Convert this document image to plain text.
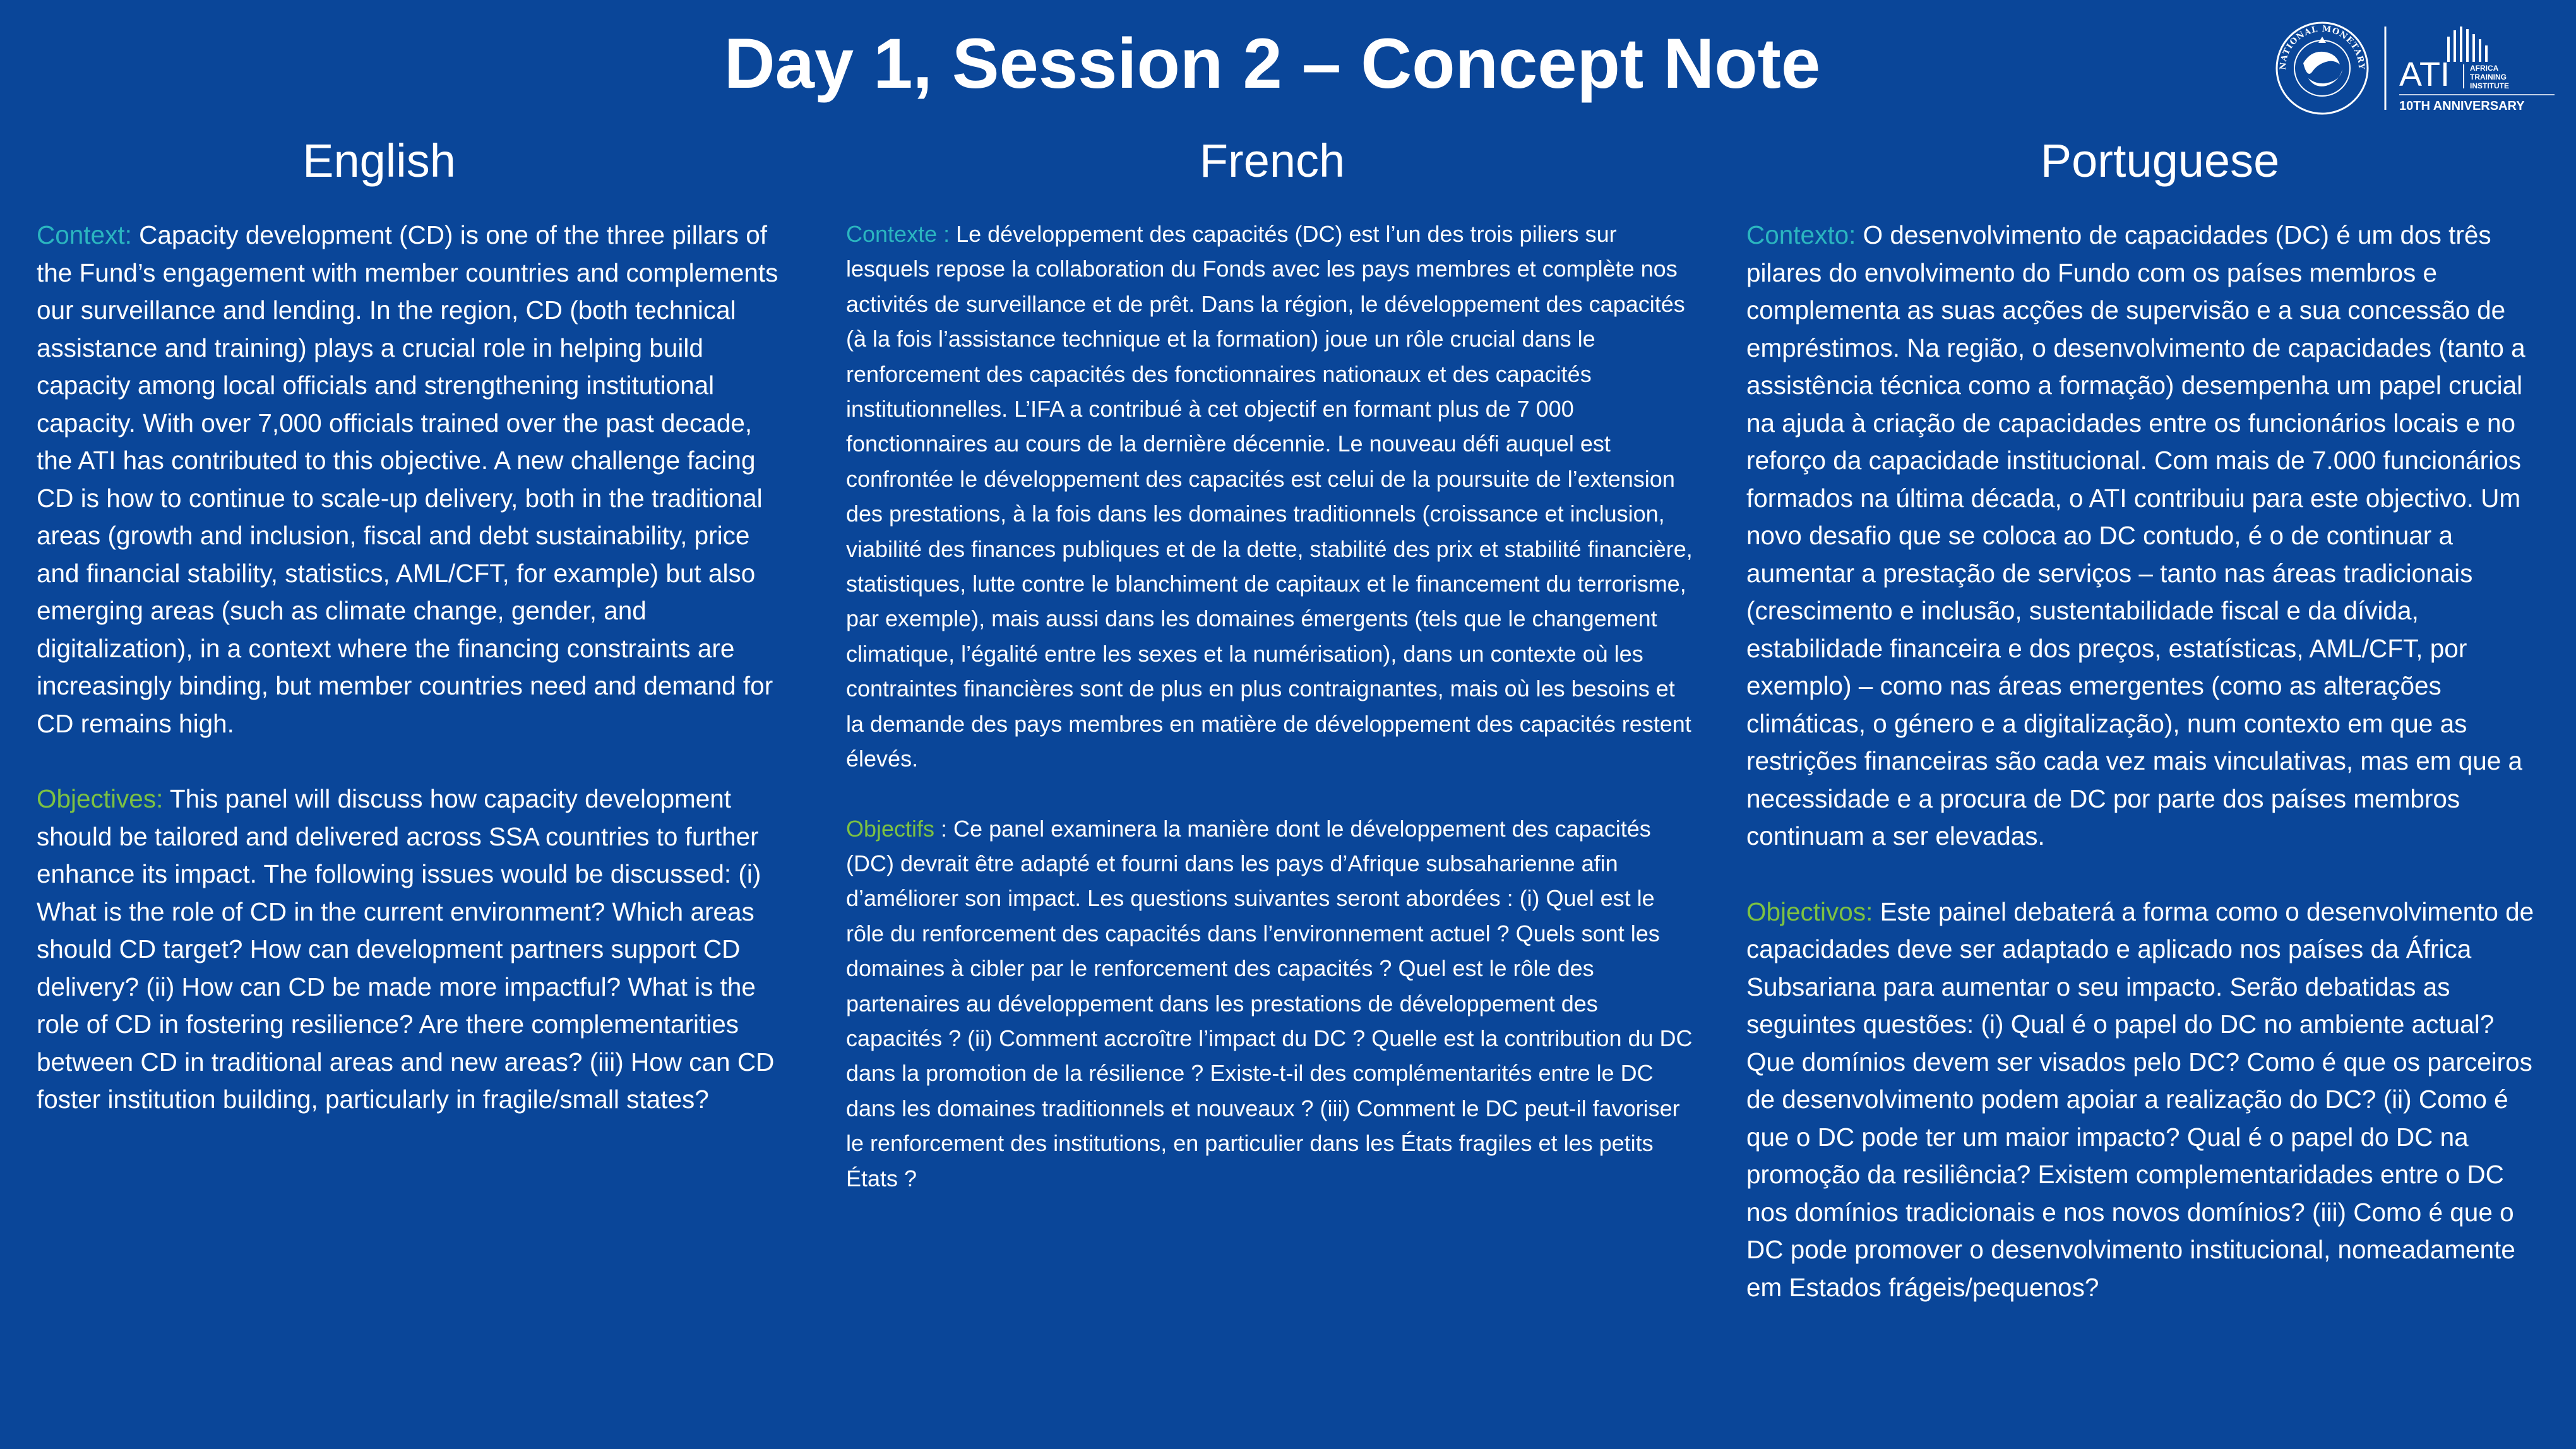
Day 1, Session 2 – Concept Note	NATIONAL MONETARY ATI	AFRICA
TRAINING
INSTITUTE
10TH ANNIVERSARY
English

Context: Capacity development (CD) is one of the three pillars of the Fund’s engagement with member countries and complements our surveillance and lending. In the region, CD (both technical assistance and training) plays a crucial role in helping build capacity among local officials and strengthening institutional capacity. With over 7,000 officials trained over the past decade, the ATI has contributed to this objective. A new challenge facing CD is how to continue to scale-up delivery, both in the traditional areas (growth and inclusion, fiscal and debt sustainability, price and financial stability, statistics, AML/CFT, for example) but also emerging areas (such as climate change, gender, and digitalization), in a context where the financing constraints are increasingly binding, but member countries need and demand for CD remains high.

Objectives: This panel will discuss how capacity development should be tailored and delivered across SSA countries to further enhance its impact. The following issues would be discussed: (i) What is the role of CD in the current environment? Which areas should CD target? How can development partners support CD delivery? (ii) How can CD be made more impactful? What is the role of CD in fostering resilience? Are there complementarities between CD in traditional areas and new areas? (iii) How can CD foster institution building, particularly in fragile/small states?

French

Contexte : Le développement des capacités (DC) est l’un des trois piliers sur lesquels repose la collaboration du Fonds avec les pays membres et complète nos activités de surveillance et de prêt. Dans la région, le développement des capacités (à la fois l’assistance technique et la formation) joue un rôle crucial dans le renforcement des capacités des fonctionnaires nationaux et des capacités institutionnelles. L’IFA a contribué à cet objectif en formant plus de 7 000 fonctionnaires au cours de la dernière décennie. Le nouveau défi auquel est confrontée le développement des capacités est celui de la poursuite de l’extension des prestations, à la fois dans les domaines traditionnels (croissance et inclusion, viabilité des finances publiques et de la dette, stabilité des prix et stabilité financière, statistiques, lutte contre le blanchiment de capitaux et le financement du terrorisme, par exemple), mais aussi dans les domaines émergents (tels que le changement climatique, l’égalité entre les sexes et la numérisation), dans un contexte où les contraintes financières sont de plus en plus contraignantes, mais où les besoins et la demande des pays membres en matière de développement des capacités restent élevés.

Objectifs : Ce panel examinera la manière dont le développement des capacités (DC) devrait être adapté et fourni dans les pays d’Afrique subsaharienne afin d’améliorer son impact. Les questions suivantes seront abordées : (i) Quel est le rôle du renforcement des capacités dans l’environnement actuel ? Quels sont les domaines à cibler par le renforcement des capacités ? Quel est le rôle des partenaires au développement dans les prestations de développement des capacités ? (ii) Comment accroître l’impact du DC ? Quelle est la contribution du DC dans la promotion de la résilience ? Existe-t-il des complémentarités entre le DC dans les domaines traditionnels et nouveaux ? (iii) Comment le DC peut-il favoriser le renforcement des institutions, en particulier dans les États fragiles et les petits États ?

Portuguese

Contexto: O desenvolvimento de capacidades (DC) é um dos três pilares do envolvimento do Fundo com os países membros e complementa as suas acções de supervisão e a sua concessão de empréstimos. Na região, o desenvolvimento de capacidades (tanto a assistência técnica como a formação) desempenha um papel crucial na ajuda à criação de capacidades entre os funcionários locais e no reforço da capacidade institucional. Com mais de 7.000 funcionários formados na última década, o ATI contribuiu para este objectivo. Um novo desafio que se coloca ao DC contudo, é o de continuar a aumentar a prestação de serviços – tanto nas áreas tradicionais (crescimento e inclusão, sustentabilidade fiscal e da dívida, estabilidade financeira e dos preços, estatísticas, AML/CFT, por exemplo) – como nas áreas emergentes (como as alterações climáticas, o género e a digitalização), num contexto em que as restrições financeiras são cada vez mais vinculativas, mas em que a necessidade e a procura de DC por parte dos países membros continuam a ser elevadas.

Objectivos: Este painel debaterá a forma como o desenvolvimento de capacidades deve ser adaptado e aplicado nos países da África Subsariana para aumentar o seu impacto. Serão debatidas as seguintes questões: (i) Qual é o papel do DC no ambiente actual? Que domínios devem ser visados pelo DC? Como é que os parceiros de desenvolvimento podem apoiar a realização do DC? (ii) Como é que o DC pode ter um maior impacto? Qual é o papel do DC na promoção da resiliência? Existem complementaridades entre o DC nos domínios tradicionais e nos novos domínios? (iii) Como é que o DC pode promover o desenvolvimento institucional, nomeadamente em Estados frágeis/pequenos?
